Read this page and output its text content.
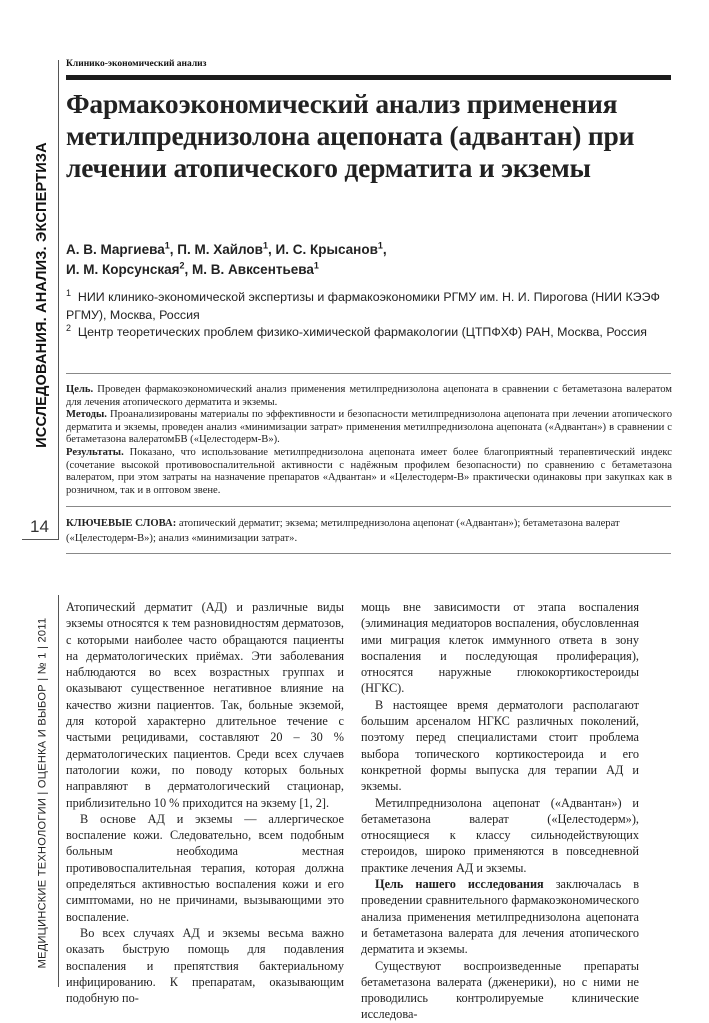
ИССЛЕДОВАНИЯ. АНАЛИЗ. ЭКСПЕРТИЗА
14
МЕДИЦИНСКИЕ ТЕХНОЛОГИИ | ОЦЕНКА И ВЫБОР | № 1 | 2011
Клинико-экономический анализ
Фармакоэкономический анализ применения метилпреднизолона ацепоната (адвантан) при лечении атопического дерматита и экземы
А. В. Маргиева$^1$, П. М. Хайлов$^1$, И. С. Крысанов$^1$,
И. М. Корсунская$^2$, М. В. Авксентьева$^1$

$^1$ НИИ клинико-экономической экспертизы и фармакоэкономики РГМУ им. Н. И. Пирогова (НИИ КЭЭФ РГМУ), Москва, Россия

$^2$ Центр теоретических проблем физико-химической фармакологии (ЦТПФХФ) РАН, Москва, Россия

Цель. Проведен фармакоэкономический анализ применения метилпреднизолона ацепоната в сравнении с бетаметазона валератом для лечения атопического дерматита и экземы.

Методы. Проанализированы материалы по эффективности и безопасности метилпреднизолона ацепоната при лечении атопического дерматита и экземы, проведен анализ «минимизации затрат» применения метилпреднизолона ацепоната («Адвантан») в сравнении с бетаметазона валератомБВ («Целестодерм-В»).

Результаты. Показано, что использование метилпреднизолона ацепоната имеет более благоприятный терапевтический индекс (сочетание высокой противовоспалительной активности с надёжным профилем безопасности) по сравнению с бетаметазона валератом, при этом затраты на назначение препаратов «Адвантан» и «Целестодерм-В» практически одинаковы при закупках как в розничном, так и в оптовом звене.

КЛЮЧЕВЫЕ СЛОВА: атопический дерматит; экзема; метилпреднизолона ацепонат («Адвантан»); бетаметазона валерат («Целестодерм-В»); анализ «минимизации затрат».

Атопический дерматит (АД) и различные виды экземы относятся к тем разновидностям дерматозов, с которыми наиболее часто обращаются пациенты на дерматологических приёмах. Эти заболевания наблюдаются во всех возрастных группах и оказывают существенное негативное влияние на качество жизни пациентов. Так, больные экземой, для которой характерно длительное течение с частыми рецидивами, составляют 20 – 30 % дерматологических пациентов. Среди всех случаев патологии кожи, по поводу которых больных направляют в дерматологический стационар, приблизительно 10 % приходится на экзему [1, 2].

В основе АД и экземы — аллергическое воспаление кожи. Следовательно, всем подобным больным необходима местная противовоспалительная терапия, которая должна определяться активностью воспаления кожи и его симптомами, но не причинами, вызывающими это воспаление.

Во всех случаях АД и экземы весьма важно оказать быструю помощь для подавления воспаления и препятствия бактериальному инфицированию. К препаратам, оказывающим подобную по-

мощь вне зависимости от этапа воспаления (элиминация медиаторов воспаления, обусловленная ими миграция клеток иммунного ответа в зону воспаления и последующая пролиферация), относятся наружные глюкокортикостероиды (НГКС).

В настоящее время дерматологи располагают большим арсеналом НГКС различных поколений, поэтому перед специалистами стоит проблема выбора топического кортикостероида и его конкретной формы выпуска для терапии АД и экземы.

Метилпреднизолона ацепонат («Адвантан») и бетаметазона валерат («Целестодерм»), относящиеся к классу сильнодействующих стероидов, широко применяются в повседневной практике лечения АД и экземы.

Цель нашего исследования заключалась в проведении сравнительного фармакоэкономического анализа применения метилпреднизолона ацепоната и бетаметазона валерата для лечения атопического дерматита и экземы.

Существуют воспроизведенные препараты бетаметазона валерата (дженерики), но с ними не проводились контролируемые клинические исследова-
